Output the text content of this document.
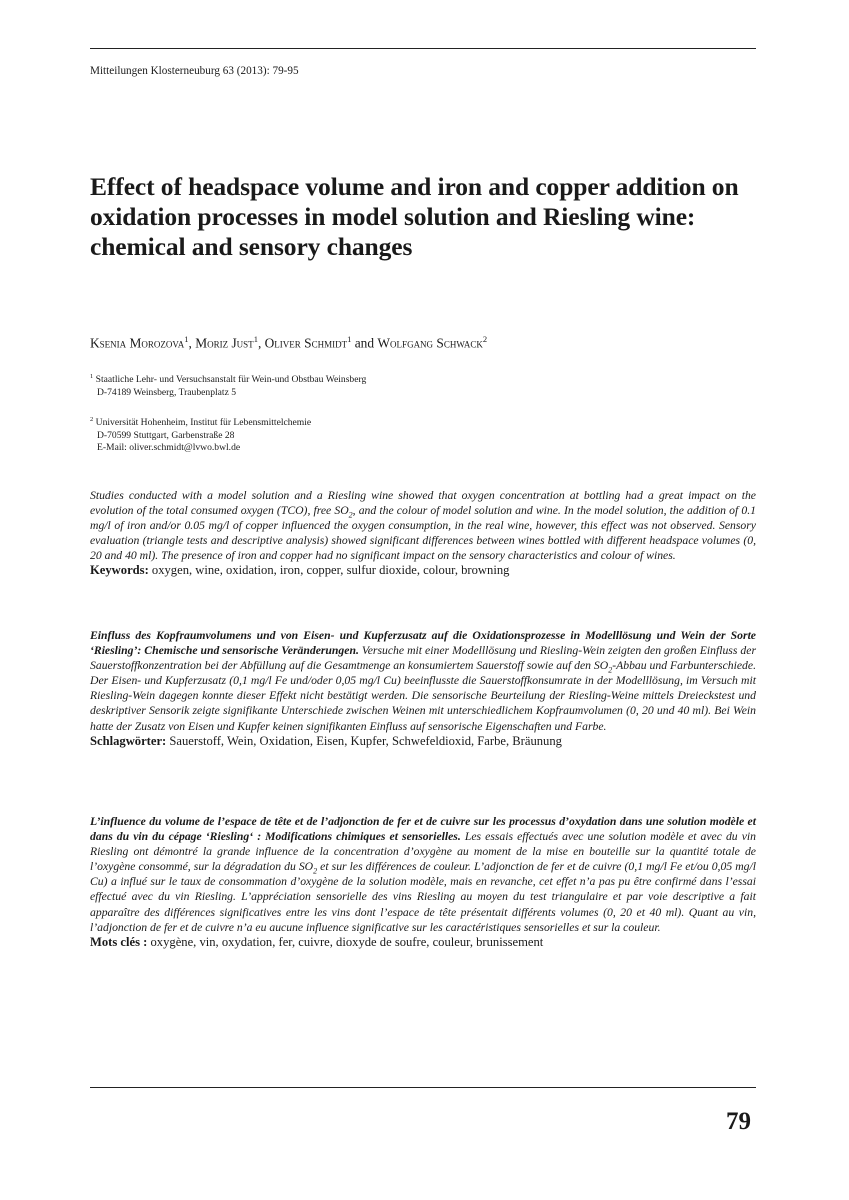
Mitteilungen Klosterneuburg 63 (2013): 79-95
Effect of headspace volume and iron and copper addition on oxidation processes in model solution and Riesling wine: chemical and sensory changes
Ksenia Morozova$^1$, Moriz Just$^1$, Oliver Schmidt$^1$ and Wolfgang Schwack$^2$
$^1$ Staatliche Lehr- und Versuchsanstalt für Wein-und Obstbau Weinsberg
D-74189 Weinsberg, Traubenplatz 5
$^2$ Universität Hohenheim, Institut für Lebensmittelchemie
D-70599 Stuttgart, Garbenstraße 28
E-Mail: oliver.schmidt@lvwo.bwl.de
Studies conducted with a model solution and a Riesling wine showed that oxygen concentration at bottling had a great impact on the evolution of the total consumed oxygen (TCO), free $SO_2$, and the colour of model solution and wine. In the model solution, the addition of 0.1 mg/l of iron and/or 0.05 mg/l of copper influenced the oxygen consumption, in the real wine, however, this effect was not observed. Sensory evaluation (triangle tests and descriptive analysis) showed significant differences between wines bottled with different headspace volumes (0, 20 and 40 ml). The presence of iron and copper had no significant impact on the sensory characteristics and colour of wines.
Keywords: oxygen, wine, oxidation, iron, copper, sulfur dioxide, colour, browning
Einfluss des Kopfraumvolumens und von Eisen- und Kupferzusatz auf die Oxidationsprozesse in Modelllösung und Wein der Sorte ‘Riesling’: Chemische und sensorische Veränderungen. Versuche mit einer Modelllösung und Riesling-Wein zeigten den großen Einfluss der Sauerstoffkonzentration bei der Abfüllung auf die Gesamtmenge an konsumiertem Sauerstoff sowie auf den $SO_2$-Abbau und Farbunterschiede. Der Eisen- und Kupferzusatz (0,1 mg/l Fe und/oder 0,05 mg/l Cu) beeinflusste die Sauerstoffkonsumrate in der Modelllösung, im Versuch mit Riesling-Wein dagegen konnte dieser Effekt nicht bestätigt werden. Die sensorische Beurteilung der Riesling-Weine mittels Dreieckstest und deskriptiver Sensorik zeigte signifikante Unterschiede zwischen Weinen mit unterschiedlichem Kopfraumvolumen (0, 20 und 40 ml). Bei Wein hatte der Zusatz von Eisen und Kupfer keinen signifikanten Einfluss auf sensorische Eigenschaften und Farbe.
Schlagwörter: Sauerstoff, Wein, Oxidation, Eisen, Kupfer, Schwefeldioxid, Farbe, Bräunung
L’influence du volume de l’espace de tête et de l’adjonction de fer et de cuivre sur les processus d’oxydation dans une solution modèle et dans du vin du cépage ‘Riesling‘ : Modifications chimiques et sensorielles. Les essais effectués avec une solution modèle et avec du vin Riesling ont démontré la grande influence de la concentration d’oxygène au moment de la mise en bouteille sur la quantité totale de l’oxygène consommé, sur la dégradation du $SO_2$ et sur les différences de couleur. L’adjonction de fer et de cuivre (0,1 mg/l Fe et/ou 0,05 mg/l Cu) a influé sur le taux de consommation d’oxygène de la solution modèle, mais en revanche, cet effet n’a pas pu être confirmé dans l’essai effectué avec du vin Riesling. L’appréciation sensorielle des vins Riesling au moyen du test triangulaire et par voie descriptive a fait apparaître des différences significatives entre les vins dont l’espace de tête présentait différents volumes (0, 20 et 40 ml). Quant au vin, l’adjonction de fer et de cuivre n’a eu aucune influence significative sur les caractéristiques sensorielles et sur la couleur.
Mots clés : oxygène, vin, oxydation, fer, cuivre, dioxyde de soufre, couleur, brunissement
79
